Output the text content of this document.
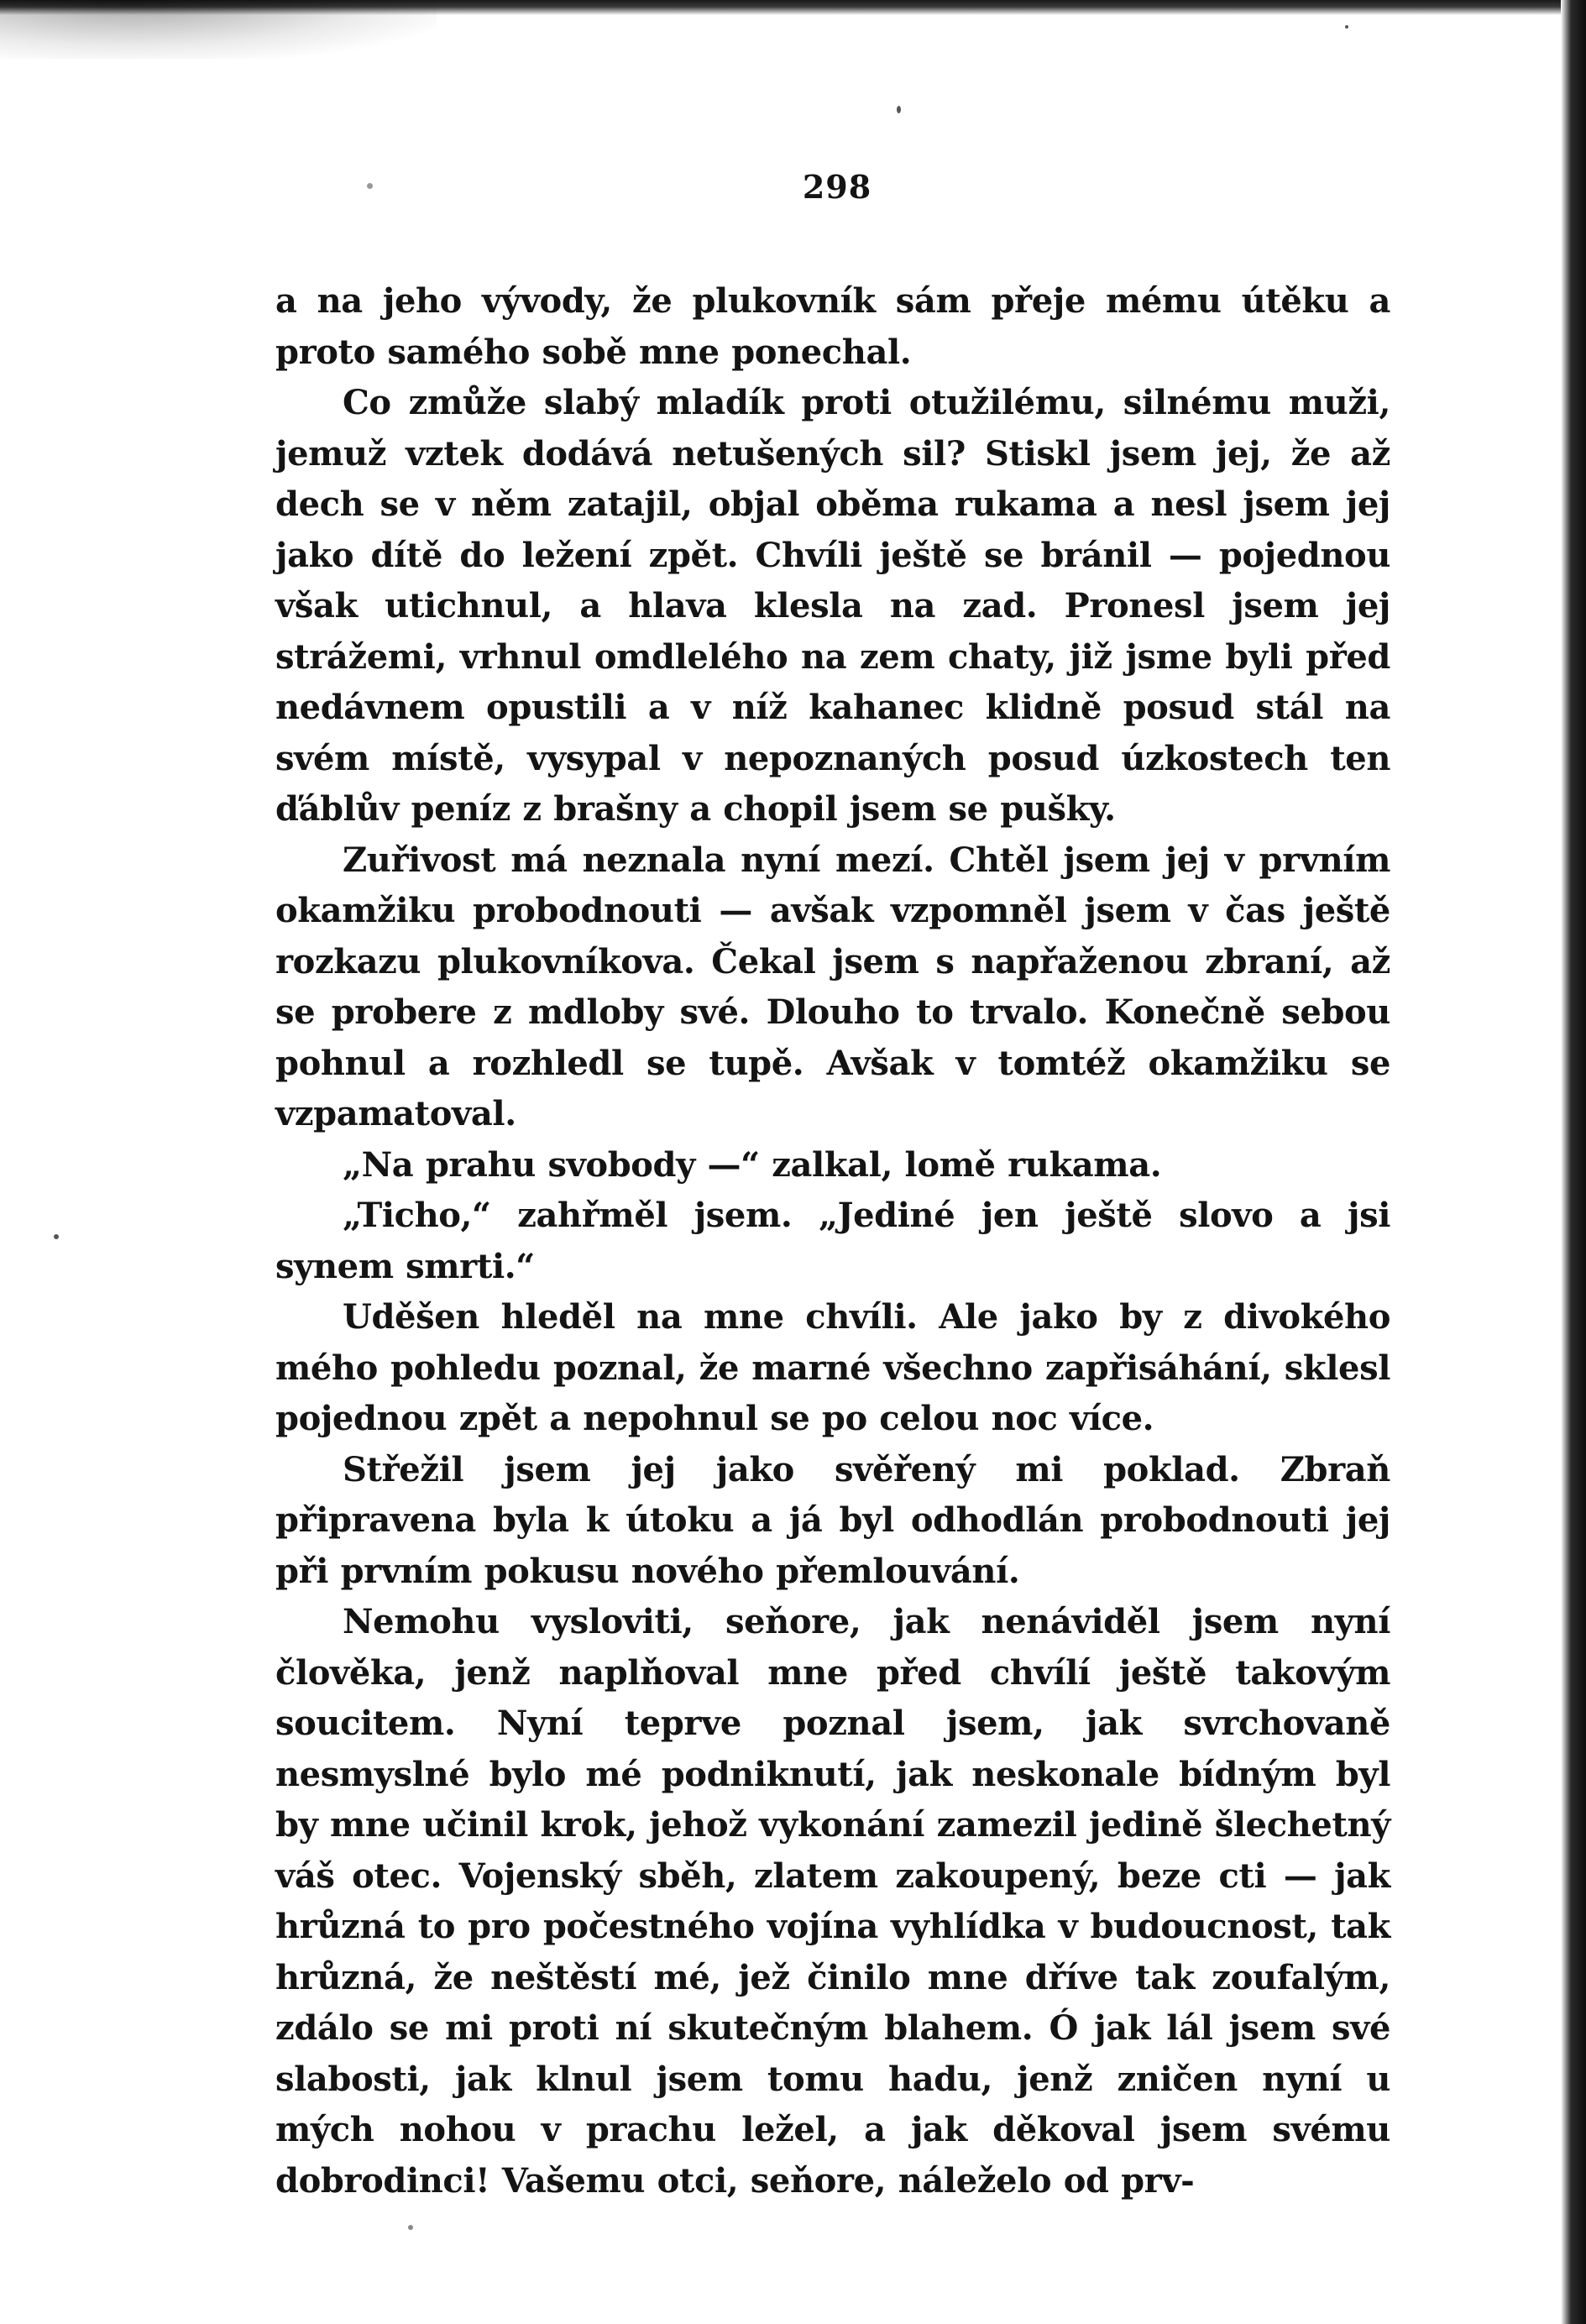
298

a na jeho vývody, že plukovník sám přeje mému útěku a proto samého sobě mne ponechal.

Co zmůže slabý mladík proti otužilému, silnému muži, jemuž vztek dodává netušených sil? Stiskl jsem jej, že až dech se v něm zatajil, objal oběma rukama a nesl jsem jej jako dítě do ležení zpět. Chvíli ještě se bránil — pojednou však utichnul, a hlava klesla na zad. Pronesl jsem jej strážemi, vrhnul omdlelého na zem chaty, již jsme byli před nedávnem opustili a v níž kahanec klidně posud stál na svém místě, vysypal v nepoznaných posud úzkostech ten ďáblův peníz z brašny a chopil jsem se pušky.

Zuřivost má neznala nyní mezí. Chtěl jsem jej v prvním okamžiku probodnouti — avšak vzpomněl jsem v čas ještě rozkazu plukovníkova. Čekal jsem s napřaženou zbraní, až se probere z mdloby své. Dlouho to trvalo. Konečně sebou pohnul a rozhledl se tupě. Avšak v tomtéž okamžiku se vzpamatoval.

„Na prahu svobody —“ zalkal, lomě rukama.

„Ticho,“ zahřměl jsem. „Jediné jen ještě slovo a jsi synem smrti.“

Uděšen hleděl na mne chvíli. Ale jako by z divokého mého pohledu poznal, že marné všechno zapřisáhání, sklesl pojednou zpět a nepohnul se po celou noc více.

Střežil jsem jej jako svěřený mi poklad. Zbraň připravena byla k útoku a já byl odhodlán probodnouti jej při prvním pokusu nového přemlouvání.

Nemohu vysloviti, seňore, jak nenáviděl jsem nyní člověka, jenž naplňoval mne před chvílí ještě takovým soucitem. Nyní teprve poznal jsem, jak svrchovaně nesmyslné bylo mé podniknutí, jak neskonale bídným byl by mne učinil krok, jehož vykonání zamezil jedině šlechetný váš otec. Vojenský sběh, zlatem zakoupený, beze cti — jak hrůzná to pro počestného vojína vyhlídka v budoucnost, tak hrůzná, že neštěstí mé, jež činilo mne dříve tak zoufalým, zdálo se mi proti ní skutečným blahem. Ó jak lál jsem své slabosti, jak klnul jsem tomu hadu, jenž zničen nyní u mých nohou v prachu ležel, a jak děkoval jsem svému dobrodinci! Vašemu otci, seňore, náleželo od prv-
